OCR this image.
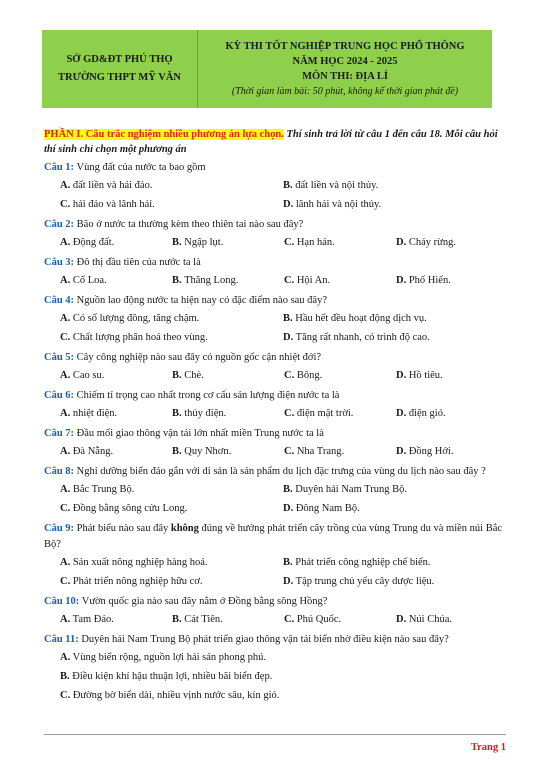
SỞ GD&ĐT PHÚ THỌ
TRƯỜNG THPT MỸ VĂN
KỲ THI TỐT NGHIỆP TRUNG HỌC PHỔ THÔNG
NĂM HỌC 2024 - 2025
MÔN THI: ĐỊA LÍ
(Thời gian làm bài: 50 phút, không kể thời gian phát đề)
PHẦN I. Câu trắc nghiệm nhiều phương án lựa chọn. Thí sinh trả lời từ câu 1 đến câu 18. Mỗi câu hỏi thí sinh chỉ chọn một phương án
Câu 1: Vùng đất của nước ta bao gồm
A. đất liền và hải đảo.	B. đất liền và nội thủy.
C. hải đảo và lãnh hải.	D. lãnh hải và nội thủy.
Câu 2: Bão ở nước ta thường kèm theo thiên tai nào sau đây?
A. Động đất.	B. Ngập lụt.	C. Hạn hán.	D. Cháy rừng.
Câu 3: Đô thị đầu tiên của nước ta là
A. Cổ Loa.	B. Thăng Long.	C. Hội An.	D. Phố Hiến.
Câu 4: Nguồn lao động nước ta hiện nay có đặc điểm nào sau đây?
A. Có số lượng đông, tăng chậm.	B. Hầu hết đều hoạt động dịch vụ.
C. Chất lượng phân hoá theo vùng.	D. Tăng rất nhanh, có trình độ cao.
Câu 5: Cây công nghiệp nào sau đây có nguồn gốc cận nhiệt đới?
A. Cao su.	B. Chè.	C. Bông.	D. Hồ tiêu.
Câu 6: Chiếm tỉ trọng cao nhất trong cơ cấu sản lượng điện nước ta là
A. nhiệt điện.	B. thủy điện.	C. điện mặt trời.	D. điện gió.
Câu 7: Đầu mối giao thông vận tải lớn nhất miền Trung nước ta là
A. Đà Nẵng.	B. Quy Nhơn.	C. Nha Trang.	D. Đồng Hới.
Câu 8: Nghỉ dưỡng biển đảo gắn với di sản là sản phẩm du lịch đặc trưng của vùng du lịch nào sau đây ?
A. Bắc Trung Bộ.	B. Duyên hải Nam Trung Bộ.
C. Đồng bằng sông cửu Long.	D. Đông Nam Bộ.
Câu 9: Phát biểu nào sau đây không đúng về hướng phát triển cây trồng của vùng Trung du và miền núi Bắc Bộ?
A. Sản xuất nông nghiệp hàng hoá.	B. Phát triển công nghiệp chế biến.
C. Phát triển nông nghiệp hữu cơ.	D. Tập trung chủ yếu cây dược liệu.
Câu 10: Vườn quốc gia nào sau đây nằm ở Đồng bằng sông Hồng?
A. Tam Đảo.	B. Cát Tiên.	C. Phú Quốc.	D. Núi Chúa.
Câu 11: Duyên hải Nam Trung Bộ phát triển giao thông vận tải biển nhờ điều kiện nào sau đây?
A. Vùng biển rộng, nguồn lợi hải sản phong phú.
B. Điều kiện khí hậu thuận lợi, nhiều bãi biển đẹp.
C. Đường bờ biển dài, nhiều vịnh nước sâu, kín gió.
Trang 1
